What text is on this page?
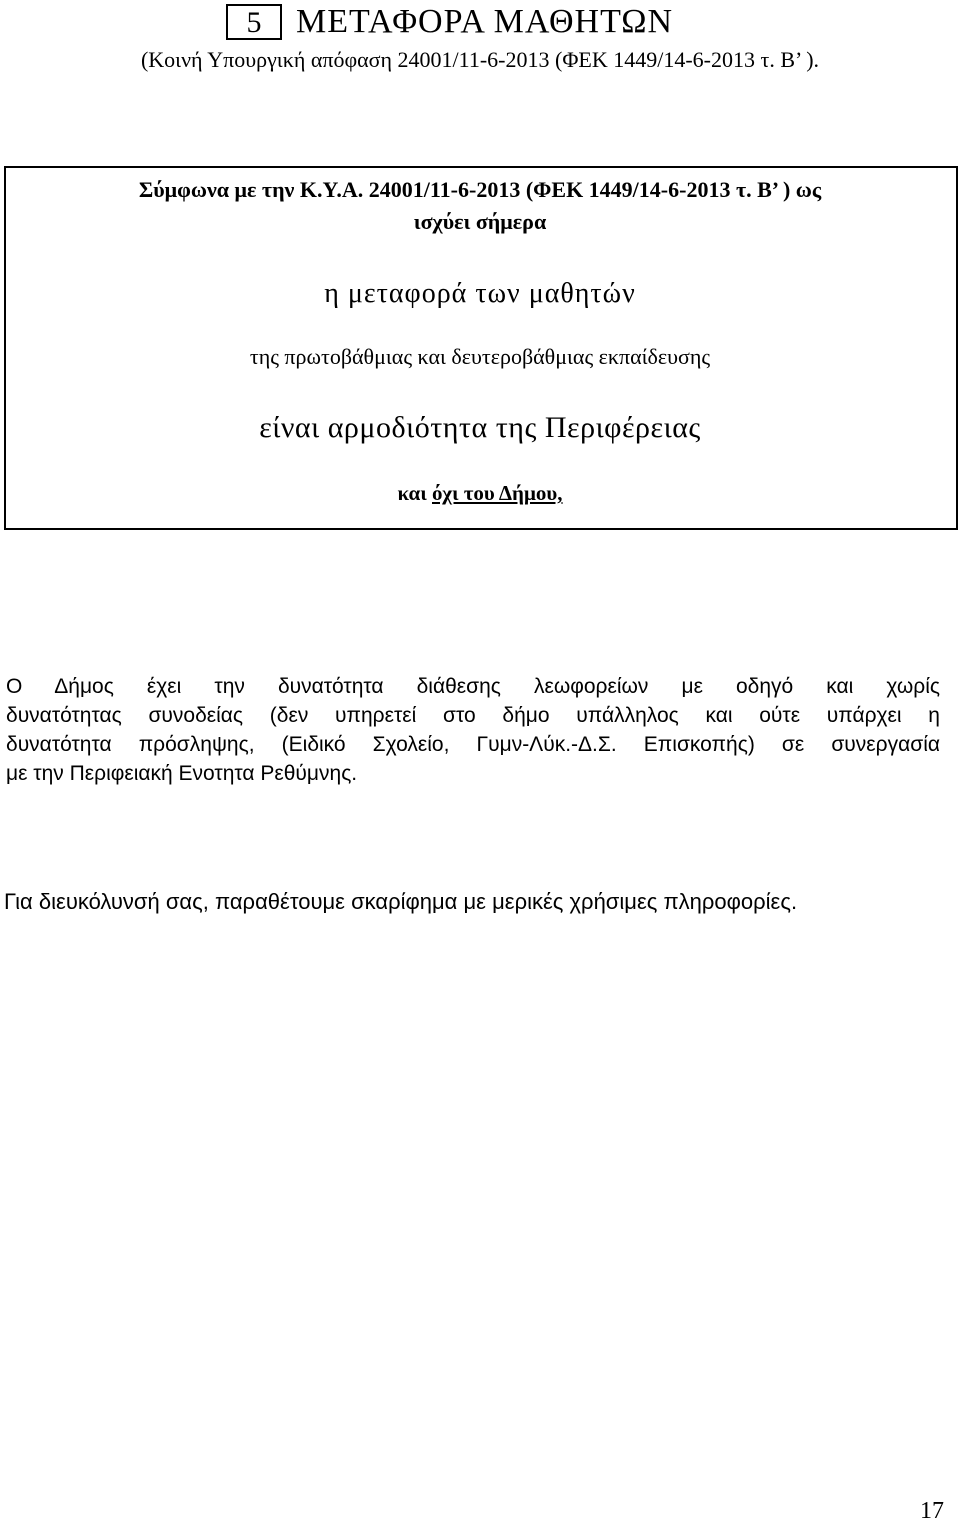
5	ΜΕΤΑΦΟΡΑ ΜΑΘΗΤΩΝ
(Κοινή Υπουργική απόφαση 24001/11-6-2013 (ΦΕΚ 1449/14-6-2013 τ. Β’ ).
Σύμφωνα με την Κ.Υ.Α. 24001/11-6-2013 (ΦΕΚ 1449/14-6-2013 τ. Β’ ) ως
ισχύει σήμερα
η μεταφορά των μαθητών
της πρωτοβάθμιας και δευτεροβάθμιας εκπαίδευσης
είναι αρμοδιότητα της Περιφέρειας
και όχι του Δήμου,
Ο Δήμος έχει την δυνατότητα διάθεσης λεωφορείων με οδηγό και χωρίς
δυνατότητας συνοδείας (δεν υπηρετεί στο δήμο υπάλληλος και ούτε υπάρχει η
δυνατότητα πρόσληψης, (Ειδικό Σχολείο, Γυμν-Λύκ.-Δ.Σ. Επισκοπής) σε συνεργασία
με την Περιφειακή Ενοτητα Ρεθύμνης.
Για διευκόλυνσή σας, παραθέτουμε σκαρίφημα με μερικές χρήσιμες πληροφορίες.
17
